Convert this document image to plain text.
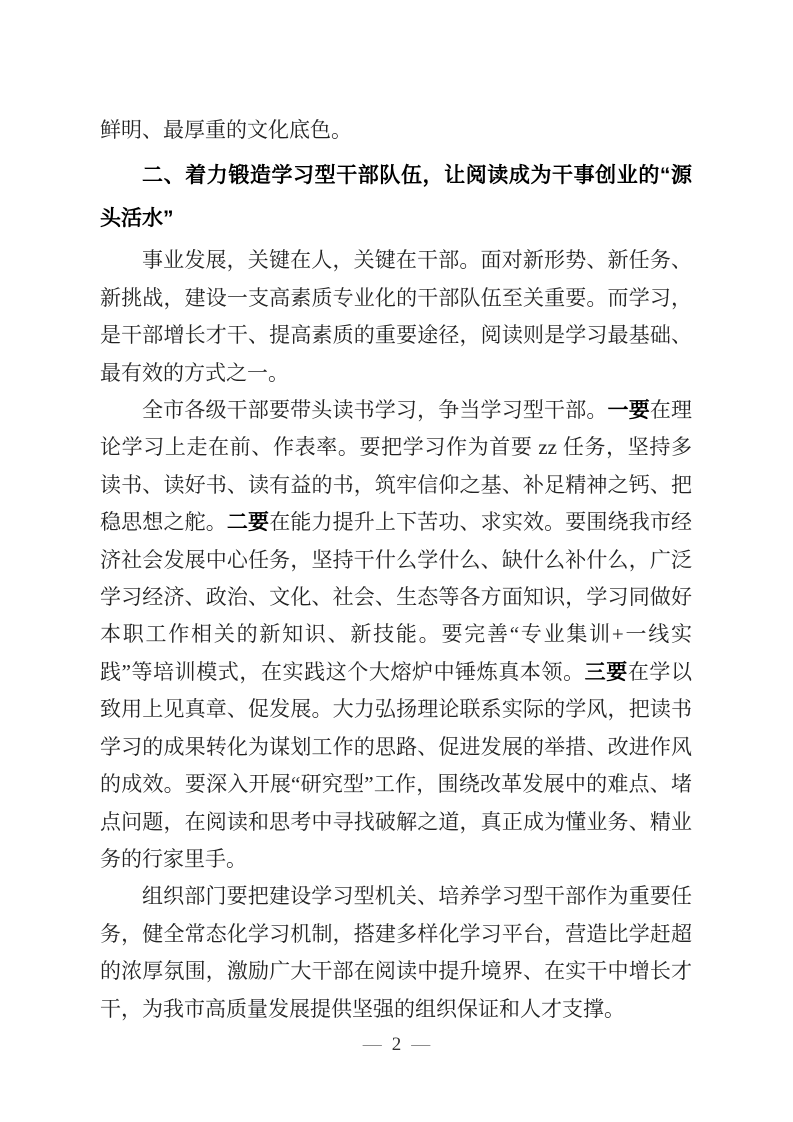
鲜明、最厚重的文化底色。

二、着力锻造学习型干部队伍，让阅读成为干事创业的“源头活水”

事业发展，关键在人，关键在干部。面对新形势、新任务、新挑战，建设一支高素质专业化的干部队伍至关重要。而学习，是干部增长才干、提高素质的重要途径，阅读则是学习最基础、最有效的方式之一。

全市各级干部要带头读书学习，争当学习型干部。一要在理论学习上走在前、作表率。要把学习作为首要 zz 任务，坚持多读书、读好书、读有益的书，筑牢信仰之基、补足精神之钙、把稳思想之舵。二要在能力提升上下苦功、求实效。要围绕我市经济社会发展中心任务，坚持干什么学什么、缺什么补什么，广泛学习经济、政治、文化、社会、生态等各方面知识，学习同做好本职工作相关的新知识、新技能。要完善“专业集训+一线实践”等培训模式，在实践这个大熔炉中锤炼真本领。三要在学以致用上见真章、促发展。大力弘扬理论联系实际的学风，把读书学习的成果转化为谋划工作的思路、促进发展的举措、改进作风的成效。要深入开展“研究型”工作，围绕改革发展中的难点、堵点问题，在阅读和思考中寻找破解之道，真正成为懂业务、精业务的行家里手。

组织部门要把建设学习型机关、培养学习型干部作为重要任务，健全常态化学习机制，搭建多样化学习平台，营造比学赶超的浓厚氛围，激励广大干部在阅读中提升境界、在实干中增长才干，为我市高质量发展提供坚强的组织保证和人才支撑。

— 2 —
